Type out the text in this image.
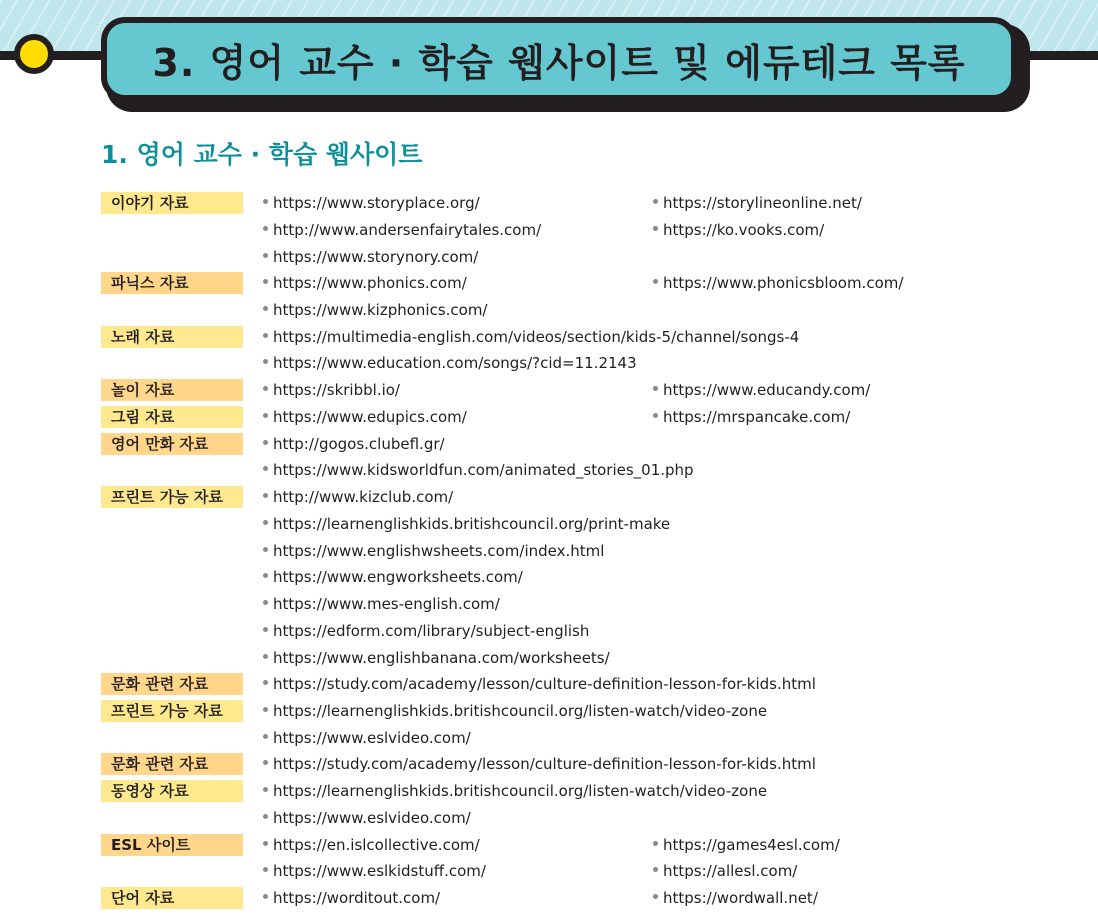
3. 영어 교수 · 학습 웹사이트 및 에듀테크 목록
1. 영어 교수 · 학습 웹사이트
이야기 자료	https://www.storyplace.org/	https://storylineonline.net/
http://www.andersenfairytales.com/	https://ko.vooks.com/
https://www.storynory.com/
파닉스 자료	https://www.phonics.com/	https://www.phonicsbloom.com/
https://www.kizphonics.com/
노래 자료	https://multimedia-english.com/videos/section/kids-5/channel/songs-4
https://www.education.com/songs/?cid=11.2143
놀이 자료	https://skribbl.io/	https://www.educandy.com/
그림 자료	https://www.edupics.com/	https://mrspancake.com/
영어 만화 자료	http://gogos.clubefl.gr/
https://www.kidsworldfun.com/animated_stories_01.php
프린트 가능 자료	http://www.kizclub.com/
https://learnenglishkids.britishcouncil.org/print-make
https://www.englishwsheets.com/index.html
https://www.engworksheets.com/
https://www.mes-english.com/
https://edform.com/library/subject-english
https://www.englishbanana.com/worksheets/
문화 관련 자료	https://study.com/academy/lesson/culture-definition-lesson-for-kids.html
프린트 가능 자료	https://learnenglishkids.britishcouncil.org/listen-watch/video-zone
https://www.eslvideo.com/
문화 관련 자료	https://study.com/academy/lesson/culture-definition-lesson-for-kids.html
동영상 자료	https://learnenglishkids.britishcouncil.org/listen-watch/video-zone
https://www.eslvideo.com/
ESL 사이트	https://en.islcollective.com/	https://games4esl.com/
https://www.eslkidstuff.com/	https://allesl.com/
단어 자료	https://worditout.com/	https://wordwall.net/
